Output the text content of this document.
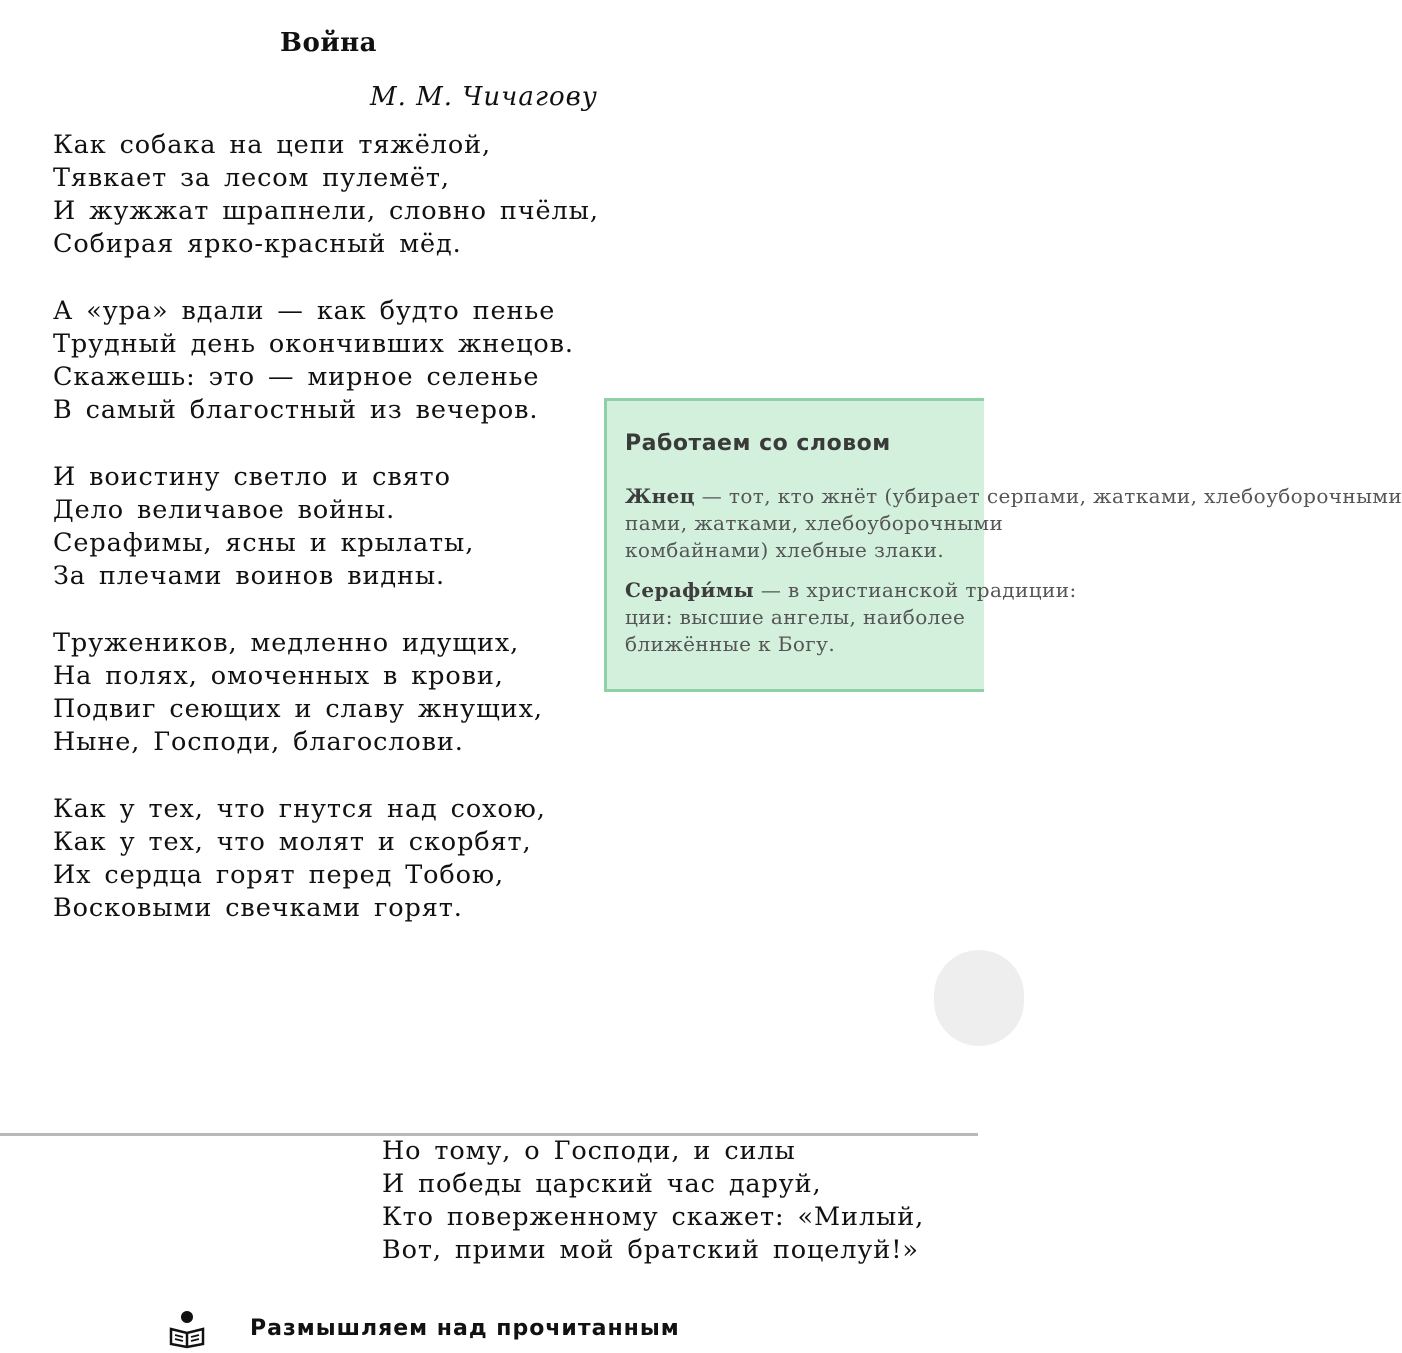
Война
М. М. Чичагову
Как собака на цепи тяжёлой,
Тявкает за лесом пулемёт,
И жужжат шрапнели, словно пчёлы,
Собирая ярко-красный мёд.
А «ура» вдали — как будто пенье
Трудный день окончивших жнецов.
Скажешь: это — мирное селенье
В самый благостный из вечеров.
И воистину светло и свято
Дело величавое войны.
Серафимы, ясны и крылаты,
За плечами воинов видны.
Тружеников, медленно идущих,
На полях, омоченных в крови,
Подвиг сеющих и славу жнущих,
Ныне, Господи, благослови.
Как у тех, что гнутся над сохою,
Как у тех, что молят и скорбят,
Их сердца горят перед Тобою,
Восковыми свечками горят.
Работаем со словом
Жнец — тот, кто жнёт (убирает серпами, жатками, хлебоуборочными
пами, жатками, хлебоуборочными
комбайнами) хлебные злаки.
Серафи́мы — в христианской традиции:
ции: высшие ангелы, наиболее
ближённые к Богу.
Но тому, о Господи, и силы
И победы царский час даруй,
Кто поверженному скажет: «Милый,
Вот, прими мой братский поцелуй!»
Размышляем над прочитанным
